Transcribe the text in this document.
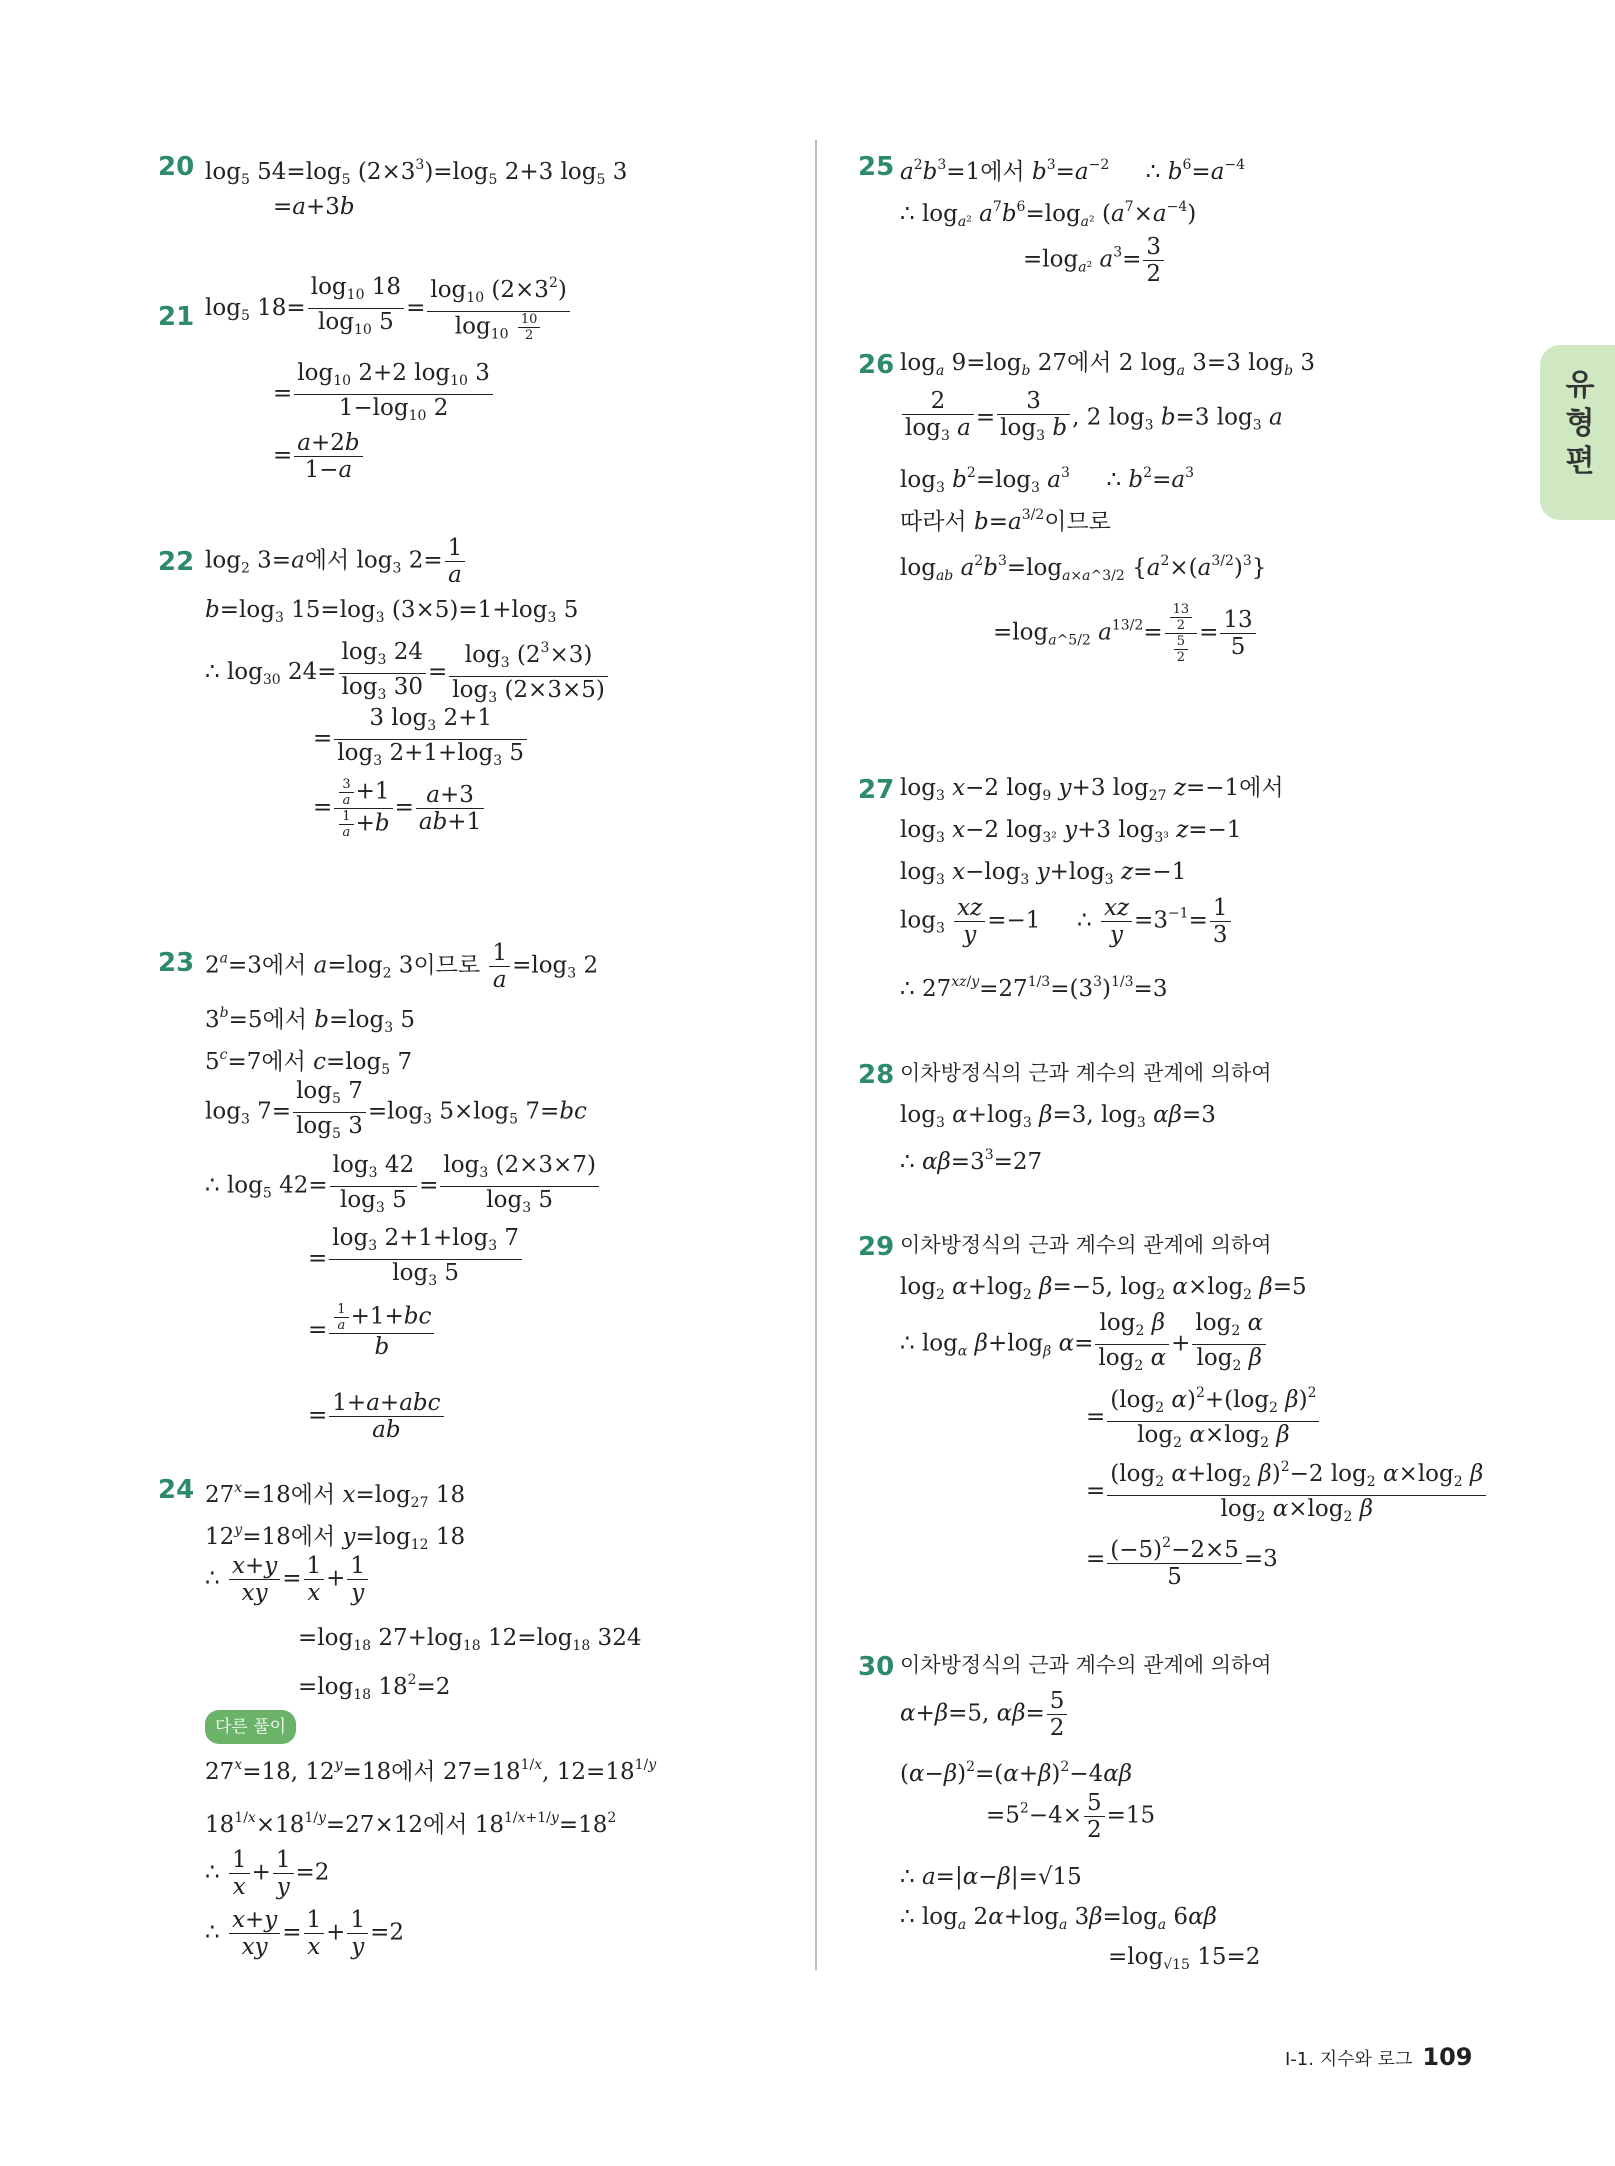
유형편
20 $\log_5 54=\log_5$ $(2\times 3^3)=\log_5$ 2+3 $\log_5 3$
=a+3b
21 $\log_5 18= \frac{\log_{10} 18}{\log_{10} 5} = \frac{\log_{10} (2\times 3^2)}{\log_{10} \frac{10}{2}}$
= $\frac{\log_{10} 2+2 \log_{10} 3}{1-\log_{10} 2}$
= $\frac{a+2b}{1-a}$
22 $\log_2 3=a$에서 $\log_3 2= \frac{1}{a}$
$b=\log_3$ $15=\log_3$ $(3\times 5)=1+\log_3$ 5
∴ $\log_{30} 24= \frac{\log_3 24}{\log_3 30} = \frac{\log_3 (2^3\times 3)}{\log_3 (2\times 3\times 5)}$
= $\frac{3 \log_3 2+1}{\log_3 2+1+\log_3 5}$
= $\frac{\frac{3}{a} +1}{\frac{1}{a} +b} = \frac{a+3}{ab+1}$
23 $2^a=3$에서 $a=\log_2$ 3이므로 $\frac{1}{a} =\log_3$ 2
$3^b=5$에서 $b=\log_3$ 5
$5^c=7$에서 $c=\log_5$ 7
$\log_3 7= \frac{\log_5 7}{\log_5 3} =\log_3$ $5\times\log_5$ 7=bc
∴ $\log_5 42= \frac{\log_3 42}{\log_3 5} = \frac{\log_3 (2\times 3\times 7)}{\log_3 5}$
= $\frac{\log_3 2+1+\log_3 7}{\log_3 5}$
= $\frac{\frac{1}{a} +1+bc}{b}$
= $\frac{\text{1+a+abc}}{ab}$
24 $27^x=18$에서 $x=\log_{27}$ 18
$12^y=18$에서 $y=\log_{12}$ 18
∴ $\frac{x+y}{xy} = \frac{1}{x} + \frac{1}{y}$
$=\log_{18}$ $27+\log_{18}$ $12=\log_{18}$ 324
$=\log_{18}$ $18^2=2$
다른 풀이
$27^x=18$, $12^y=18$에서 $27=18^{1/x}$, $12=18^{1/y}$
$18^{1/x}\times 18^{1/y}=27\times 12$에서 $18^{1/x+1/y}=18^2$
∴ $\frac{1}{x} + \frac{1}{y} =2$
∴ $\frac{x+y}{xy} = \frac{1}{x} + \frac{1}{y} =2$
25 $a^2b^3=1$에서 $b^3=a^{-2}$     ∴ $b^6=a^{-4}$
∴ $\log_{a^2} a^7b^6=\log_{a^2}$ $(a^7\times a^{-4})$
$=\log_{a^2}$ $a^3= \frac{3}{2}$
26 $\log_a 9=\log_b$ 27에서 2 $\log_a 3=3$ $\log_b 3$
$\frac{2}{\log_3 a} = \frac{3}{\log_3 b}$ , 2 $\log_3 b=3$ $\log_3 a$
$\log_3 b^2=\log_3$ $a^3$     ∴ $b^2=a^3$
따라서 $b=a^{3/2}$이므로
$\log_{ab} a^2b^3=\log_{a\times a\^{}3/2}$ $\{a^2\times(a^{3/2})^3\}$
$=\log_{a\^{}5/2}$ $a^{13/2}= \frac{\frac{13}{2}}{\frac{5}{2}} = \frac{13}{5}$
27 $\log_3 x-2$ $\log_9 y+3$ $\log_{27} z=-1$에서
$\log_3 x-2$ $\log_{3^2} y+3$ $\log_{3^3} z=-1$
$\log_3 x-\log_3$ $y+\log_3$ z=−1
$\log_3 \frac{xz}{y} =-1$     ∴ $\frac{xz}{y} =3^{-1}= \frac{1}{3}$
∴ $27^{xz/y}=27^{1/3}=(3^3)^{1/3}=3$
28 이차방정식의 근과 계수의 관계에 의하여
$\log_3 \alpha+\log_3$ β=3, $\log_3 \alpha\beta=3$
∴ $\alpha\beta=3^3=27$
29 이차방정식의 근과 계수의 관계에 의하여
$\log_2 \alpha+\log_2$ β=−5, $\log_2 \alpha\times\log_2$ β=5
∴ $\log_\alpha \beta+\log_\beta$ $\alpha= \frac{\log_2 \beta}{\log_2 \alpha} + \frac{\log_2 \alpha}{\log_2 \beta}$
= $\frac{(\log_2 \alpha)^2+(\log_2 \beta)^2}{\log_2 \alpha\times\log_2 \beta}$
= $\frac{(\log_2 \alpha+\log_2 \beta)^2-2 \log_2 \alpha\times\log_2 \beta}{\log_2 \alpha\times\log_2 \beta}$
= $\frac{(-5)^2-2\times 5}{5} =3$
30 이차방정식의 근과 계수의 관계에 의하여
α+β=5, $\alpha\beta= \frac{5}{2}$
$(\alpha-\beta)^2=(\alpha+\beta)^2-4\alpha\beta$
$=5^2-4\times \frac{5}{2} =15$
∴ a=|α−β|=√15
∴ $\log_a 2\alpha+\log_a$ $3\beta=\log_a$ 6αβ
$=\log_{√15}$ 15=2
Ⅰ-1. 지수와 로그 109
